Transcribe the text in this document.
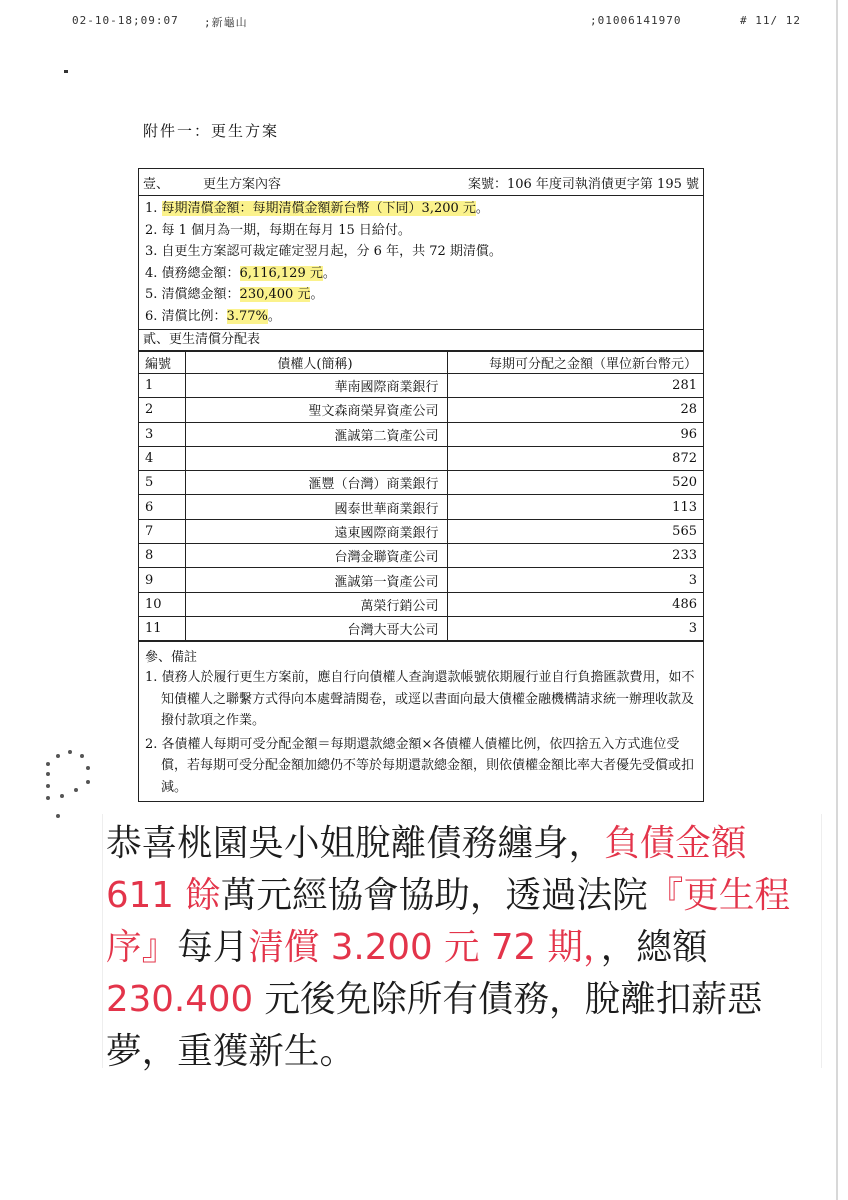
02-10-18;09:07 ;新龜山	;01006141970	# 11/ 12
附件一：更生方案
壹、	更生方案內容	案號：106 年度司執消債更字第 195 號
1. 每期清償金額：每期清償金額新台幣（下同）3,200 元。
2. 每 1 個月為一期，每期在每月 15 日給付。
3. 自更生方案認可裁定確定翌月起，分 6 年，共 72 期清償。
4. 債務總金額：6,116,129 元。
5. 清償總金額：230,400 元。
6. 清償比例：3.77%。
貳、更生清償分配表
編號	債權人(簡稱)	每期可分配之金額（單位新台幣元）
1	華南國際商業銀行	281
2	聖文森商榮昇資產公司	28
3	滙誠第二資產公司	96
4		872
5	滙豐（台灣）商業銀行	520
6	國泰世華商業銀行	113
7	遠東國際商業銀行	565
8	台灣金聯資產公司	233
9	滙誠第一資產公司	3
10	萬榮行銷公司	486
11	台灣大哥大公司	3
參、備註
1. 債務人於履行更生方案前，應自行向債權人查詢還款帳號依期履行並自行負擔匯款費用，如不知債權人之聯繫方式得向本處聲請閱卷，或逕以書面向最大債權金融機構請求統一辦理收款及撥付款項之作業。
2. 各債權人每期可受分配金額＝每期還款總金額×各債權人債權比例，依四捨五入方式進位受償，若每期可受分配金額加總仍不等於每期還款總金額，則依債權金額比率大者優先受償或扣減。
恭喜桃園吳小姐脫離債務纏身，負債金額 611 餘萬元經協會協助，透過法院『更生程序』每月清償 3.200 元 72 期，，總額 230.400 元後免除所有債務，脫離扣薪惡夢，重獲新生。
